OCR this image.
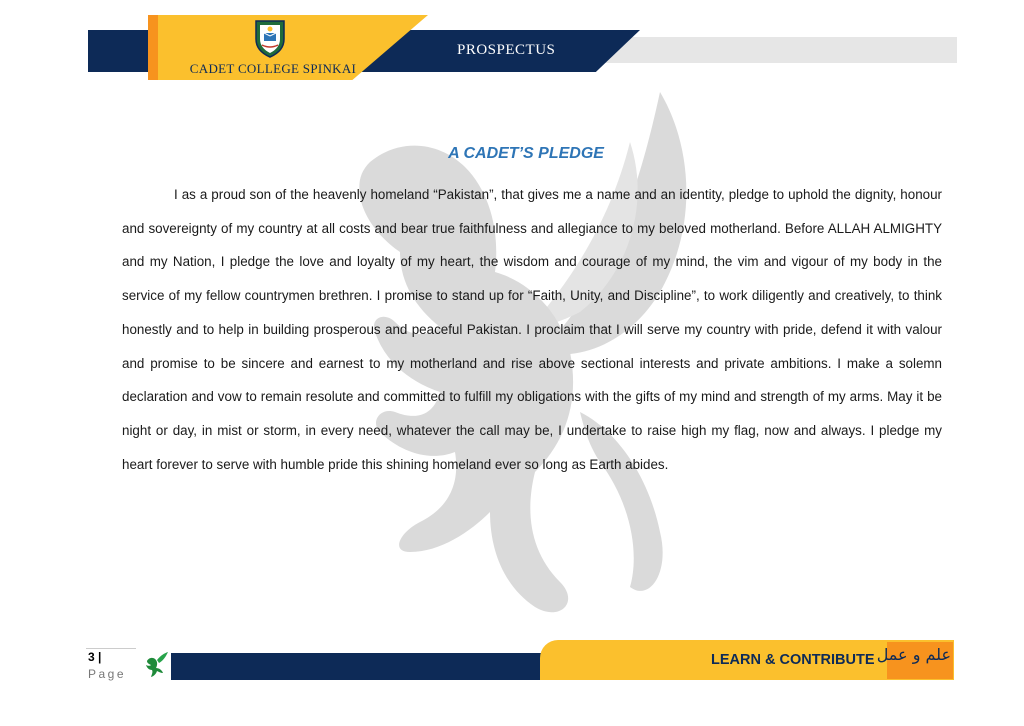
CADET COLLEGE SPINKAI
PROSPECTUS
A CADET’S PLEDGE

I as a proud son of the heavenly homeland “Pakistan”, that gives me a name and an identity, pledge to uphold the dignity, honour and sovereignty of my country at all costs and bear true faithfulness and allegiance to my beloved motherland. Before ALLAH ALMIGHTY and my Nation, I pledge the love and loyalty of my heart, the wisdom and courage of my mind, the vim and vigour of my body in the service of my fellow countrymen brethren. I promise to stand up for “Faith, Unity, and Discipline”, to work diligently and creatively, to think honestly and to help in building prosperous and peaceful Pakistan. I proclaim that I will serve my country with pride, defend it with valour and promise to be sincere and earnest to my motherland and rise above sectional interests and private ambitions. I make a solemn declaration and vow to remain resolute and committed to fulfill my obligations with the gifts of my mind and strength of my arms. May it be night or day, in mist or storm, in every need, whatever the call may be, I undertake to raise high my flag, now and always. I pledge my heart forever to serve with humble pride this shining homeland ever so long as Earth abides.

3 |
Page
LEARN & CONTRIBUTE علم و عمل
